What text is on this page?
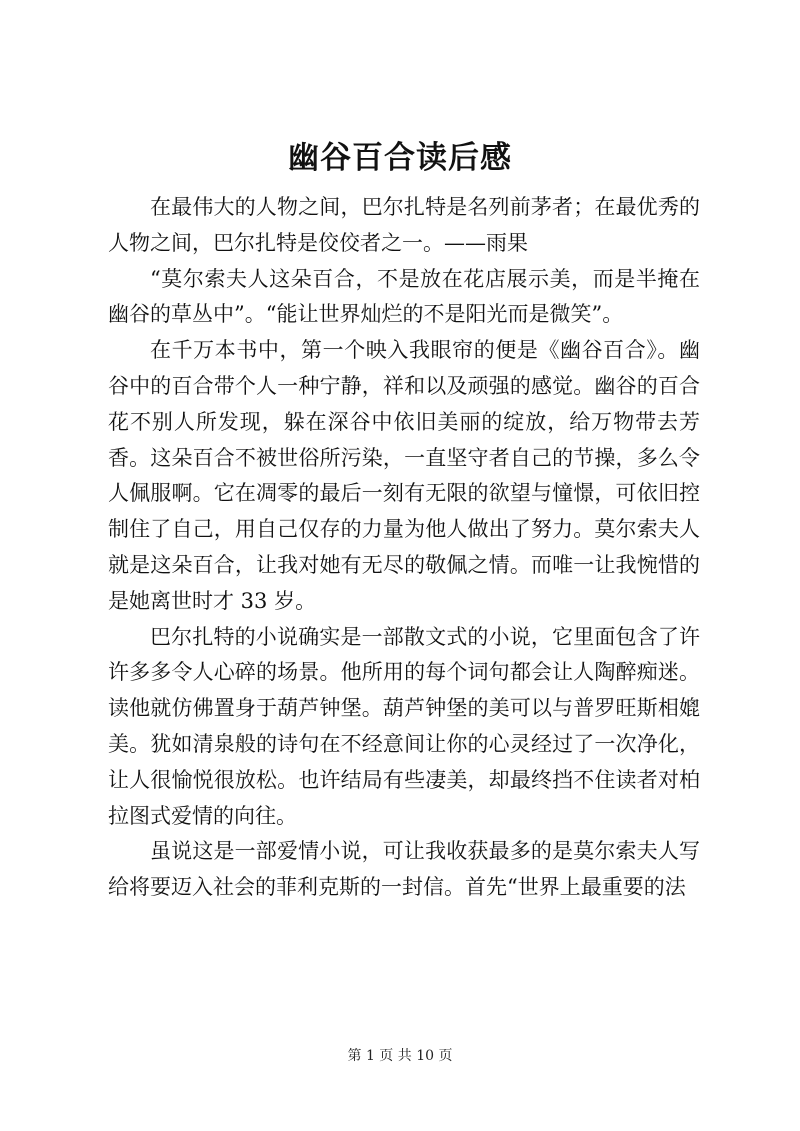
幽谷百合读后感

在最伟大的人物之间，巴尔扎特是名列前茅者；在最优秀的人物之间，巴尔扎特是佼佼者之一。——雨果

“莫尔索夫人这朵百合，不是放在花店展示美，而是半掩在幽谷的草丛中”。“能让世界灿烂的不是阳光而是微笑”。

在千万本书中，第一个映入我眼帘的便是《幽谷百合》。幽谷中的百合带个人一种宁静，祥和以及顽强的感觉。幽谷的百合花不别人所发现，躲在深谷中依旧美丽的绽放，给万物带去芳香。这朵百合不被世俗所污染，一直坚守者自己的节操，多么令人佩服啊。它在凋零的最后一刻有无限的欲望与憧憬，可依旧控制住了自己，用自己仅存的力量为他人做出了努力。莫尔索夫人就是这朵百合，让我对她有无尽的敬佩之情。而唯一让我惋惜的是她离世时才 33 岁。

巴尔扎特的小说确实是一部散文式的小说，它里面包含了许许多多令人心碎的场景。他所用的每个词句都会让人陶醉痴迷。读他就仿佛置身于葫芦钟堡。葫芦钟堡的美可以与普罗旺斯相媲美。犹如清泉般的诗句在不经意间让你的心灵经过了一次净化，让人很愉悦很放松。也许结局有些凄美，却最终挡不住读者对柏拉图式爱情的向往。

虽说这是一部爱情小说，可让我收获最多的是莫尔索夫人写给将要迈入社会的菲利克斯的一封信。首先“世界上最重要的法

第 1 页 共 10 页
